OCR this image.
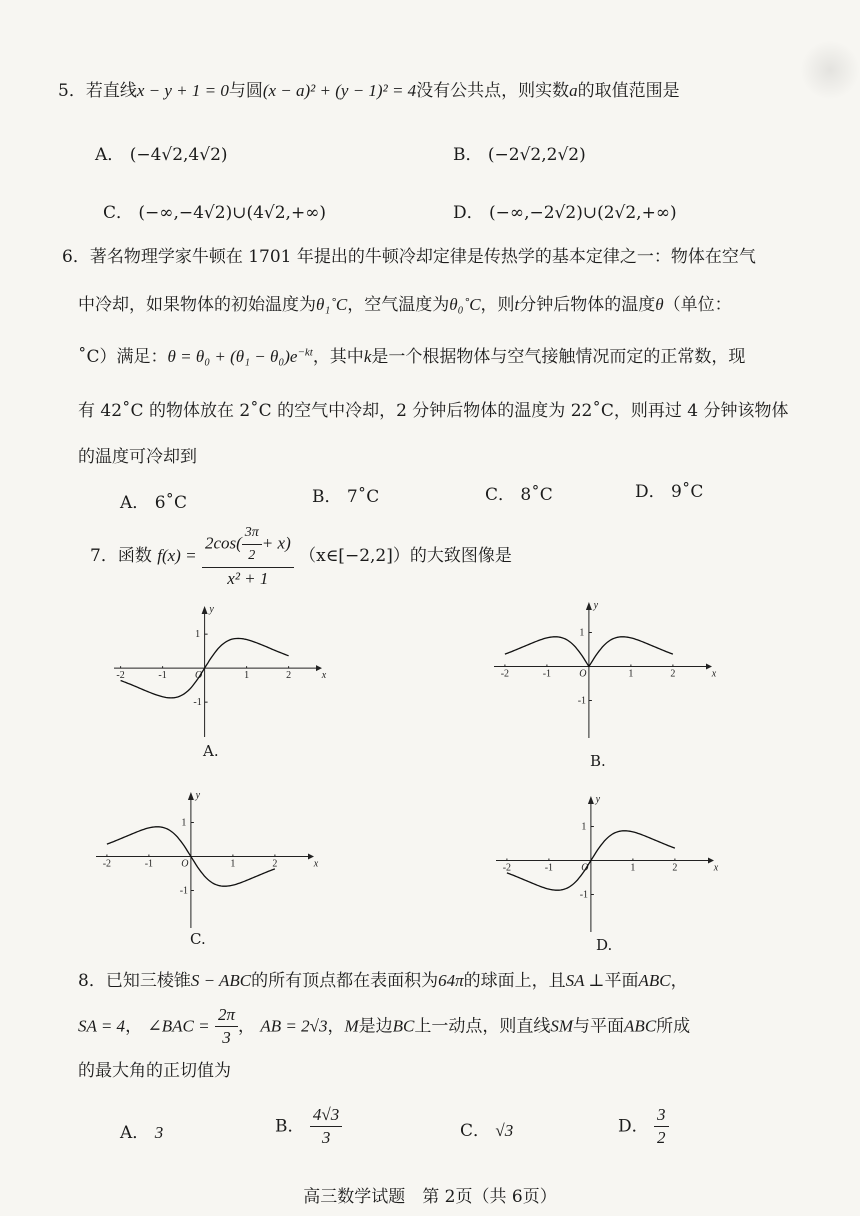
5．若直线x − y + 1 = 0与圆(x − a)² + (y − 1)² = 4没有公共点，则实数a的取值范围是
A． (−4√2,4√2)	B． (−2√2,2√2)
C． (−∞,−4√2)∪(4√2,+∞)	D． (−∞,−2√2)∪(2√2,+∞)
6．著名物理学家牛顿在 1701 年提出的牛顿冷却定律是传热学的基本定律之一：物体在空气
中冷却，如果物体的初始温度为θ₁˚C，空气温度为θ₀˚C，则t分钟后物体的温度θ（单位：
˚C）满足：$\theta = \theta_0 + (\theta_1 - \theta_0)e^{-kt}$，其中k是一个根据物体与空气接触情况而定的正常数，现
有 42˚C 的物体放在 2˚C 的空气中冷却，2 分钟后物体的温度为 22˚C，则再过 4 分钟该物体
的温度可冷却到
A． 6˚C	B． 7˚C	C． 8˚C	D． 9˚C
7．函数 $f(x) = \frac{2\cos( \frac{3\pi}{2} + x)}{\text{x² + 1}}$ （x∈[−2,2]）的大致图像是
x
y
O
-2	-1	1	2
1
-1
A.
x
y
O
-2	-1	1	2
1
-1
B.
x
y
O
-2	-1	1	2
1
-1
C.
x
y
O
-2	-1	1	2
1
-1
D.
8．已知三棱锥S − ABC的所有顶点都在表面积为64π的球面上，且SA ⊥平面ABC，
SA = 4， ∠BAC = $\frac{2\pi}{3}$ ， AB = 2√3，M是边BC上一动点，则直线SM与平面ABC所成
的最大角的正切值为
A． 3	B． $\frac{4√3}{3}$	C． √3	D． $\frac{3}{2}$
高三数学试题　第 2页（共 6页）
